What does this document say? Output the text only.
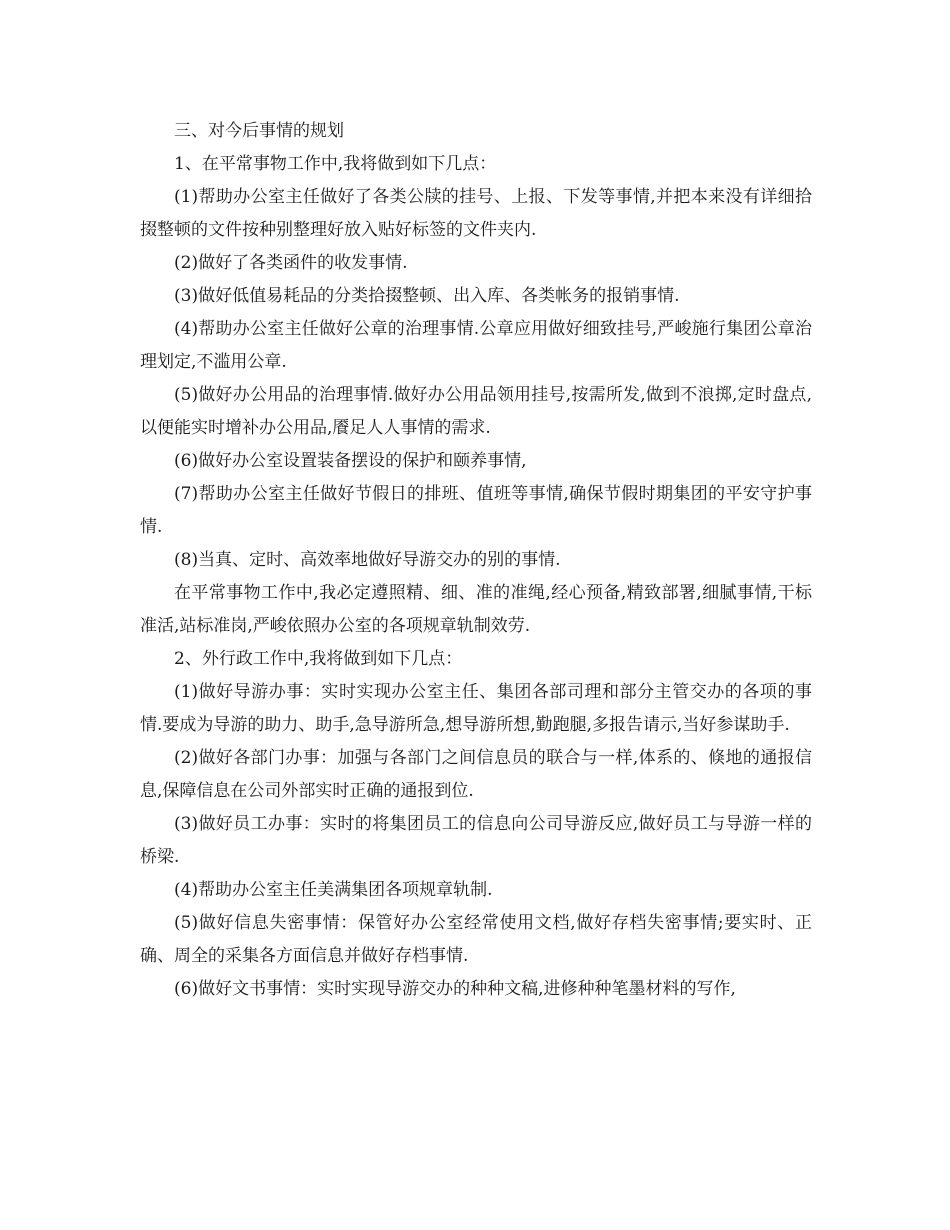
三、对今后事情的规划

1、在平常事物工作中,我将做到如下几点：

(1)帮助办公室主任做好了各类公牍的挂号、上报、下发等事情,并把本来没有详细拾掇整顿的文件按种别整理好放入贴好标签的文件夹内.

(2)做好了各类函件的收发事情.

(3)做好低值易耗品的分类拾掇整顿、出入库、各类帐务的报销事情.

(4)帮助办公室主任做好公章的治理事情.公章应用做好细致挂号,严峻施行集团公章治理划定,不滥用公章.

(5)做好办公用品的治理事情.做好办公用品领用挂号,按需所发,做到不浪掷,定时盘点,以便能实时增补办公用品,餍足人人事情的需求.

(6)做好办公室设置装备摆设的保护和颐养事情,

(7)帮助办公室主任做好节假日的排班、值班等事情,确保节假时期集团的平安守护事情.

(8)当真、定时、高效率地做好导游交办的别的事情.

在平常事物工作中,我必定遵照精、细、准的准绳,经心预备,精致部署,细腻事情,干标准活,站标准岗,严峻依照办公室的各项规章轨制效劳.

2、外行政工作中,我将做到如下几点：

(1)做好导游办事：实时实现办公室主任、集团各部司理和部分主管交办的各项的事情.要成为导游的助力、助手,急导游所急,想导游所想,勤跑腿,多报告请示,当好参谋助手.

(2)做好各部门办事：加强与各部门之间信息员的联合与一样,体系的、倏地的通报信息,保障信息在公司外部实时正确的通报到位.

(3)做好员工办事：实时的将集团员工的信息向公司导游反应,做好员工与导游一样的桥梁.

(4)帮助办公室主任美满集团各项规章轨制.

(5)做好信息失密事情：保管好办公室经常使用文档,做好存档失密事情;要实时、正确、周全的采集各方面信息并做好存档事情.

(6)做好文书事情：实时实现导游交办的种种文稿,进修种种笔墨材料的写作,
